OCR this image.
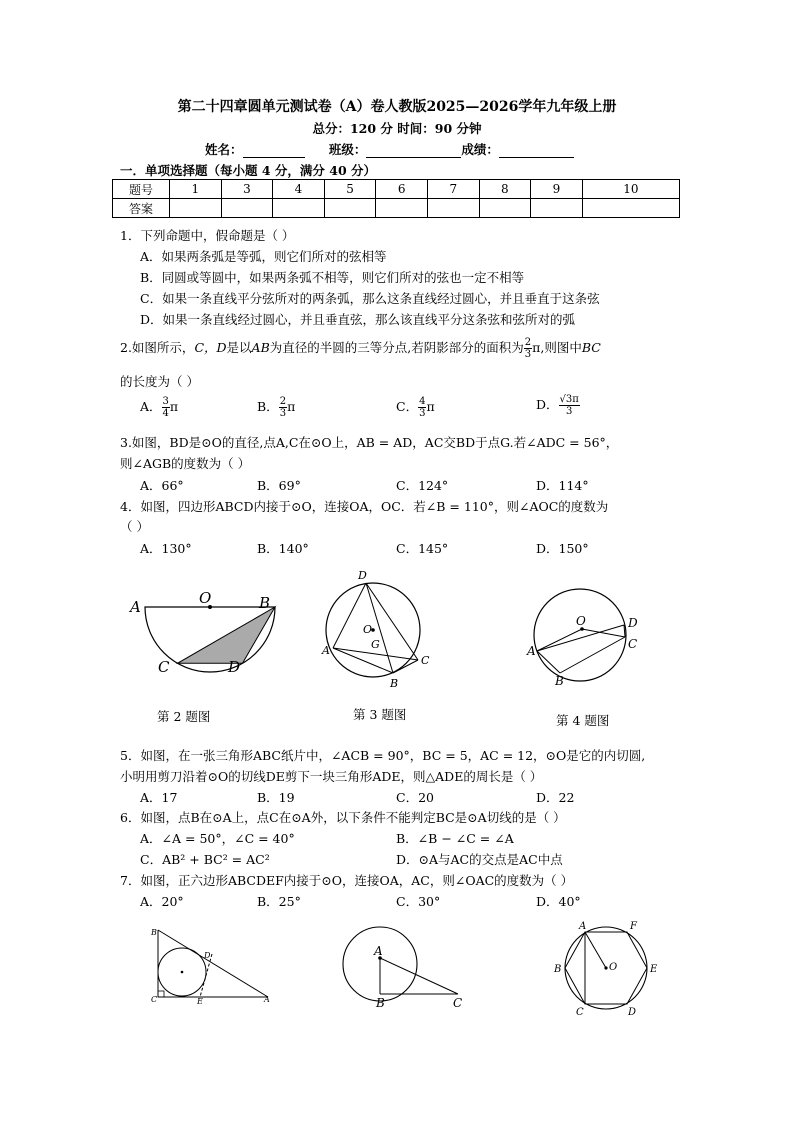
第二十四章圆单元测试卷（A）卷人教版2025—2026学年九年级上册
总分：120 分 时间：90 分钟
姓名：	班级：	成绩：
一．单项选择题（每小题 4 分，满分 40 分）
题号	1	3	4	5	6	7	8	9	10
答案									
1．下列命题中，假命题是（ ）
A．如果两条弧是等弧，则它们所对的弦相等
B．同圆或等圆中，如果两条弧不相等，则它们所对的弦也一定不相等
C．如果一条直线平分弦所对的两条弧，那么这条直线经过圆心，并且垂直于这条弦
D．如果一条直线经过圆心，并且垂直弦，那么该直线平分这条弦和弦所对的弧
2.如图所示，C，D是以AB为直径的半圆的三等分点,若阴影部分的面积为 $\frac{2}{3} \pi$,则图中BC
的长度为（ ）
A． $\frac{3}{4}$ π	B． $\frac{2}{3}$ π	C． $\frac{4}{3}$ π	D． $\frac{√3\pi}{3}$
3.如图，BD是⊙O的直径,点A,C在⊙O上，AB = AD，AC交BD于点G.若∠ADC = 56°，
则∠AGB的度数为（ ）
A．66°	B．69°	C．124°	D．114°
4．如图，四边形ABCD内接于⊙O，连接OA，OC．若∠B = 110°，则∠AOC的度数为
（ ）
A．130°	B．140°	C．145°	D．150°
A	O	B
C	D
D
O
G
A
C
B
O
A
B
C
D
第 2 题图	第 3 题图	第 4 题图
5．如图，在一张三角形ABC纸片中，∠ACB = 90°，BC = 5，AC = 12，⊙O是它的内切圆,
小明用剪刀沿着⊙O的切线DE剪下一块三角形ADE，则△ADE的周长是（ ）
A．17	B．19	C．20	D．22
6．如图，点B在⊙A上，点C在⊙A外，以下条件不能判定BC是⊙A切线的是（ ）
A．∠A = 50°，∠C = 40°	B．∠B − ∠C = ∠A
C．AB² + BC² = AC²	D．⊙A与AC的交点是AC中点
7．如图，正六边形ABCDEF内接于⊙O，连接OA，AC，则∠OAC的度数为（ ）
A．20°	B．25°	C．30°	D．40°
B
C	A
D
E
A
B	C
A	F
B	E
C	D
O
